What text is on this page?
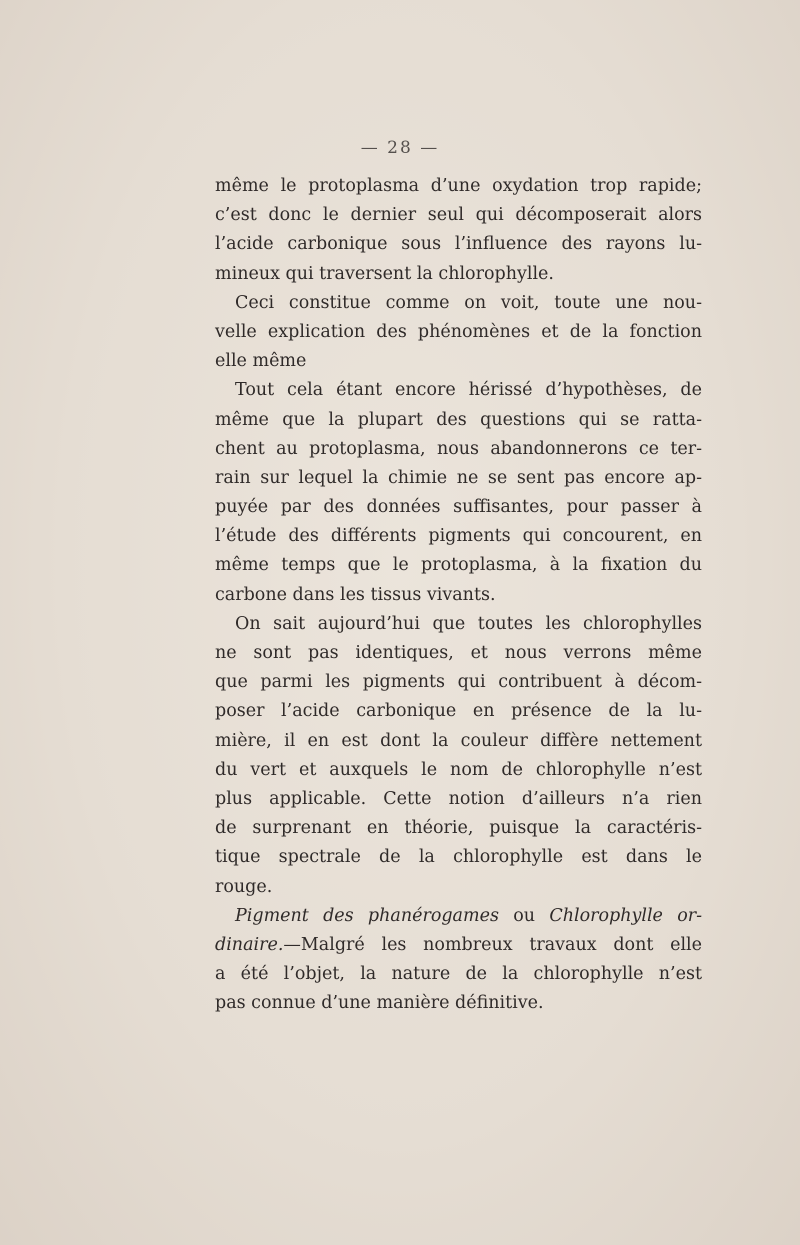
— 28 —
même le protoplasma d’une oxydation trop rapide;
c’est donc le dernier seul qui décomposerait alors
l’acide carbonique sous l’influence des rayons lu-
mineux qui traversent la chlorophylle.
Ceci constitue comme on voit, toute une nou-
velle explication des phénomènes et de la fonction
elle même
Tout cela étant encore hérissé d’hypothèses, de
même que la plupart des questions qui se ratta-
chent au protoplasma, nous abandonnerons ce ter-
rain sur lequel la chimie ne se sent pas encore ap-
puyée par des données suffisantes, pour passer à
l’étude des différents pigments qui concourent, en
même temps que le protoplasma, à la fixation du
carbone dans les tissus vivants.
On sait aujourd’hui que toutes les chlorophylles
ne sont pas identiques, et nous verrons même
que parmi les pigments qui contribuent à décom-
poser l’acide carbonique en présence de la lu-
mière, il en est dont la couleur diffère nettement
du vert et auxquels le nom de chlorophylle n’est
plus applicable. Cette notion d’ailleurs n’a rien
de surprenant en théorie, puisque la caractéris-
tique spectrale de la chlorophylle est dans le
rouge.
Pigment des phanérogames ou Chlorophylle or-
dinaire.—Malgré les nombreux travaux dont elle
a été l’objet, la nature de la chlorophylle n’est
pas connue d’une manière définitive.
